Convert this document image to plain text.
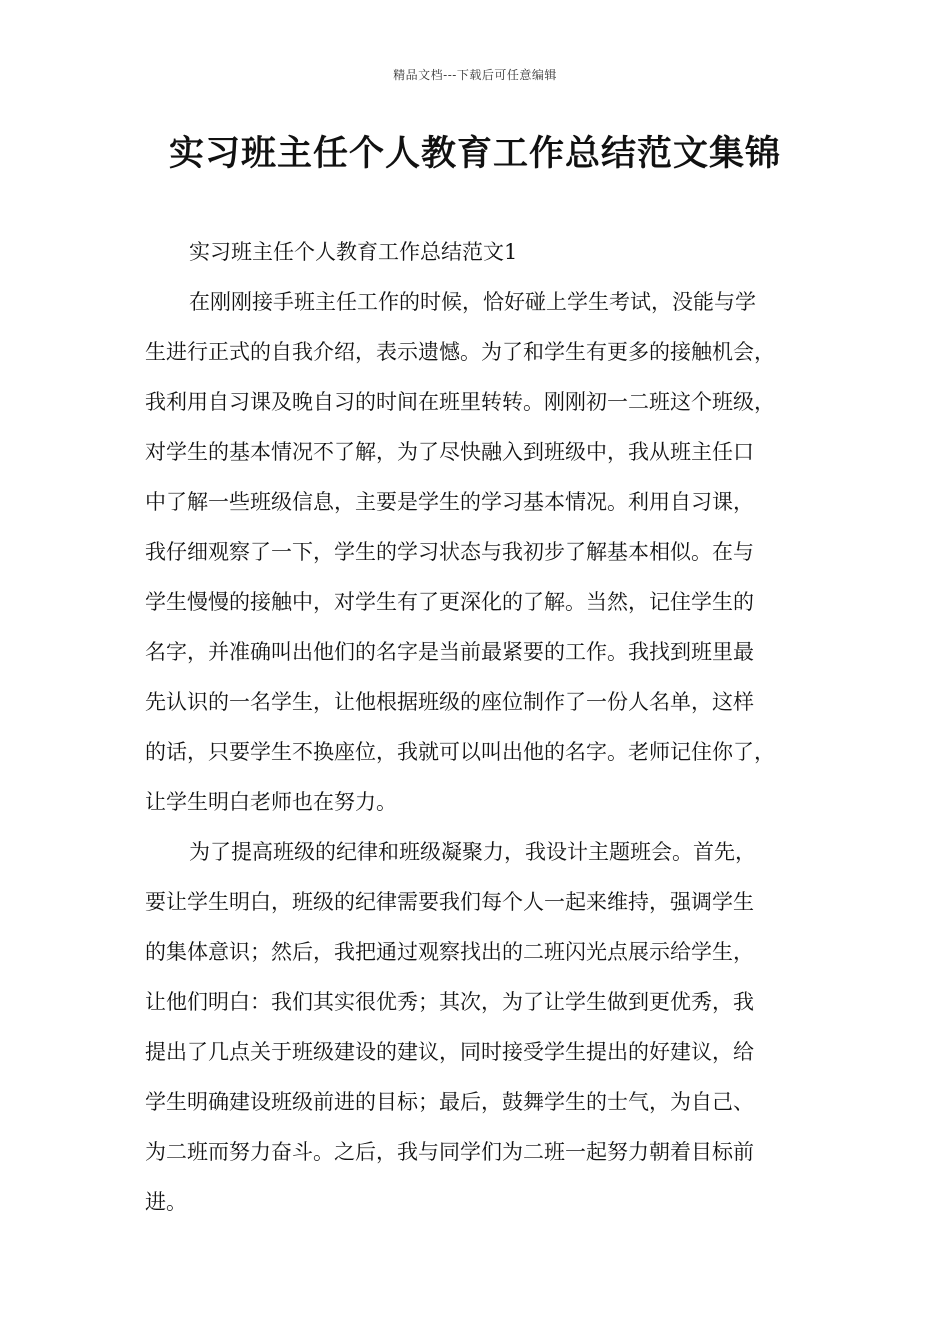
精品文档---下载后可任意编辑
实习班主任个人教育工作总结范文集锦
实习班主任个人教育工作总结范文1
在刚刚接手班主任工作的时候，恰好碰上学生考试，没能与学
生进行正式的自我介绍，表示遗憾。为了和学生有更多的接触机会，
我利用自习课及晚自习的时间在班里转转。刚刚初一二班这个班级，
对学生的基本情况不了解，为了尽快融入到班级中，我从班主任口
中了解一些班级信息，主要是学生的学习基本情况。利用自习课，
我仔细观察了一下，学生的学习状态与我初步了解基本相似。在与
学生慢慢的接触中，对学生有了更深化的了解。当然，记住学生的
名字，并准确叫出他们的名字是当前最紧要的工作。我找到班里最
先认识的一名学生，让他根据班级的座位制作了一份人名单，这样
的话，只要学生不换座位，我就可以叫出他的名字。老师记住你了，
让学生明白老师也在努力。
为了提高班级的纪律和班级凝聚力，我设计主题班会。首先，
要让学生明白，班级的纪律需要我们每个人一起来维持，强调学生
的集体意识；然后，我把通过观察找出的二班闪光点展示给学生，
让他们明白：我们其实很优秀；其次，为了让学生做到更优秀，我
提出了几点关于班级建设的建议，同时接受学生提出的好建议，给
学生明确建设班级前进的目标；最后，鼓舞学生的士气，为自己、
为二班而努力奋斗。之后，我与同学们为二班一起努力朝着目标前
进。
